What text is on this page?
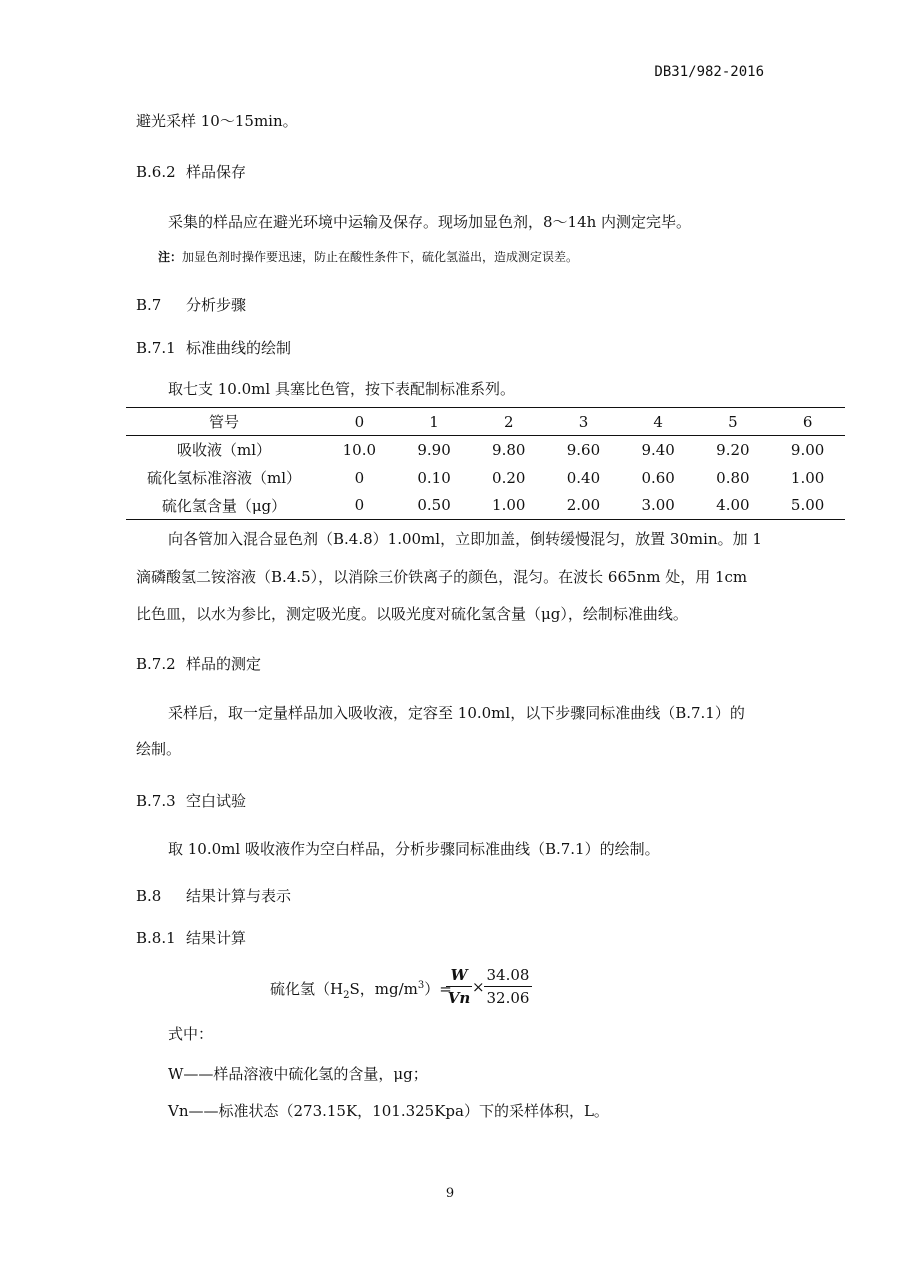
DB31/982-2016
避光采样 10～15min。
B.6.2 样品保存
采集的样品应在避光环境中运输及保存。现场加显色剂，8～14h 内测定完毕。
注：加显色剂时操作要迅速，防止在酸性条件下，硫化氢溢出，造成测定误差。
B.7 分析步骤
B.7.1 标准曲线的绘制
取七支 10.0ml 具塞比色管，按下表配制标准系列。
管号	0	1	2	3	4	5	6
吸收液（ml）	10.0	9.90	9.80	9.60	9.40	9.20	9.00
硫化氢标准溶液（ml）	0	0.10	0.20	0.40	0.60	0.80	1.00
硫化氢含量（μg）	0	0.50	1.00	2.00	3.00	4.00	5.00
向各管加入混合显色剂（B.4.8）1.00ml，立即加盖，倒转缓慢混匀，放置 30min。加 1
滴磷酸氢二铵溶液（B.4.5），以消除三价铁离子的颜色，混匀。在波长 665nm 处，用 1cm
比色皿，以水为参比，测定吸光度。以吸光度对硫化氢含量（μg），绘制标准曲线。
B.7.2 样品的测定
采样后，取一定量样品加入吸收液，定容至 10.0ml，以下步骤同标准曲线（B.7.1）的
绘制。
B.7.3 空白试验
取 10.0ml 吸收液作为空白样品，分析步骤同标准曲线（B.7.1）的绘制。
B.8 结果计算与表示
B.8.1 结果计算
硫化氢（$H_2S$，$mg/m^3)=$
$\frac{W}{Vn} \times \frac{34.08}{32.06}$
式中：
W——样品溶液中硫化氢的含量，μg；
Vn——标准状态（273.15K，101.325Kpa）下的采样体积，L。
9
